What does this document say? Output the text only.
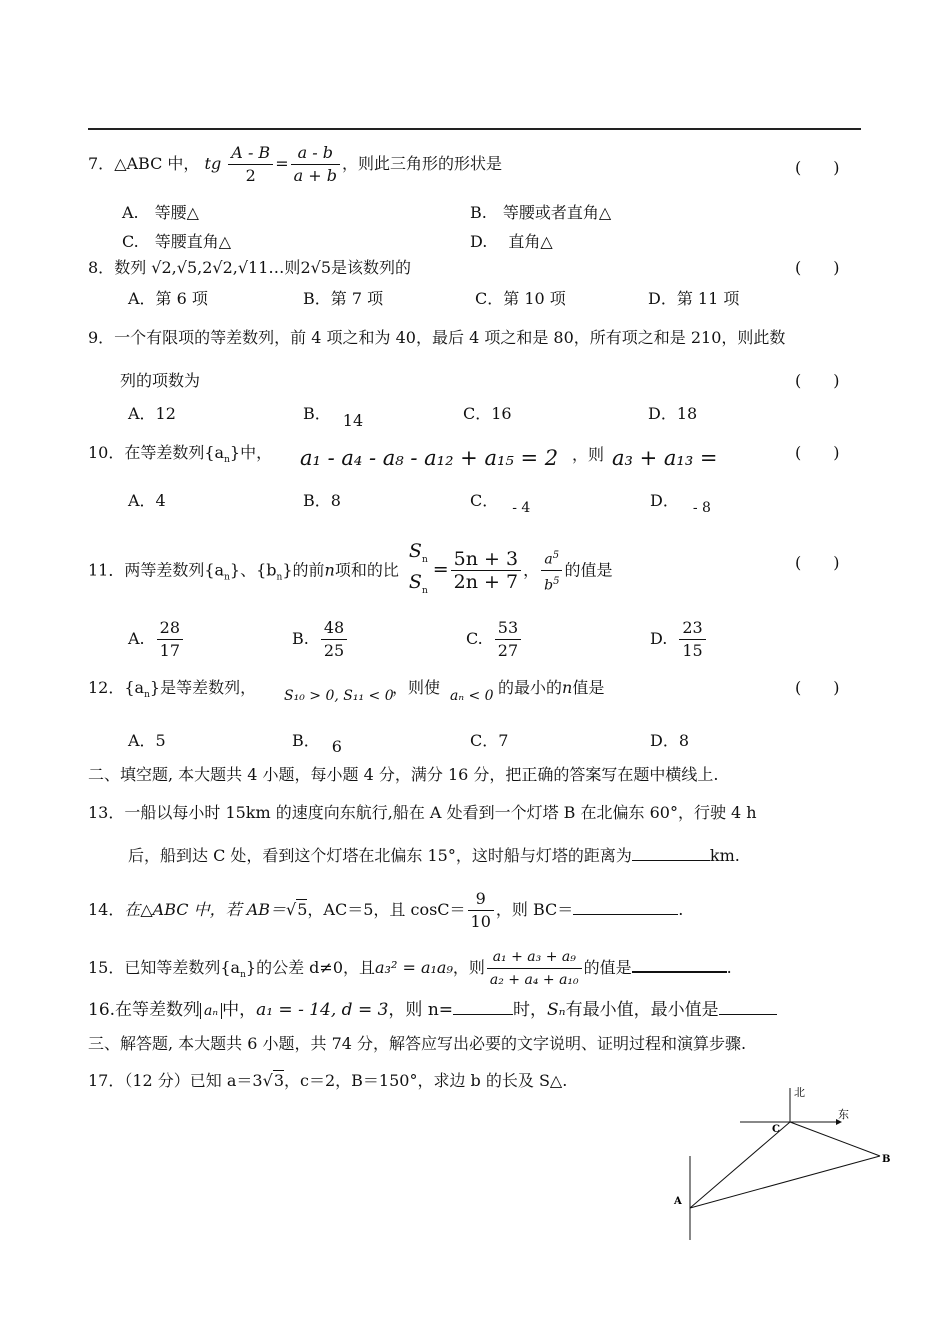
7．△ABC 中， tg $\frac{A - B}{2} = \frac{a - b}{a + b}$ ，则此三角形的形状是	(　　)
A.　等腰△	B.　等腰或者直角△
C.　等腰直角△	D.　 直角△
8．数列 √2,√5,2√2,√11…则2√5是该数列的	(　　)
A．第 6 项	B．第 7 项	C．第 10 项	D．第 11 项
9．一个有限项的等差数列，前 4 项之和为 40，最后 4 项之和是 80，所有项之和是 210，则此数
列的项数为	(　　)
A．12	B． 14	C．16	D．18
10．在等差数列$\{a_n\}$中， a₁ - a₄ - a₈ - a₁₂ + a₁₅ = 2 ，则 a₃ + a₁₃ =	(　　)
A．4	B．8	C． - 4	D． - 8
11．两等差数列$\{a_n\}$、$\{b_n\}$的前n项和的比
$S_n$
$S_n$
= $\frac{5n + 3}{2n + 7}$ ， $\frac{a^5}{b^5}$ 的值是	(　　)
A. $\frac{28}{17}$	B. $\frac{48}{25}$	C. $\frac{53}{27}$	D. $\frac{23}{15}$
12．$\{a_n\}$是等差数列， S₁₀ > 0, S₁₁ < 0
，则使 aₙ < 0 的最小的n值是	(　　)
A．5	B． 6	C．7	D．8
二、填空题, 本大题共 4 小题，每小题 4 分，满分 16 分，把正确的答案写在题中横线上.
13．一船以每小时 15km 的速度向东航行,船在 A 处看到一个灯塔 B 在北偏东 60°，行驶 4 h
后，船到达 C 处，看到这个灯塔在北偏东 15°，这时船与灯塔的距离为	km.
14．在△ABC 中，若 AB＝√5，AC＝5，且 $\cos C= \frac{9}{10}$ ，则 BC＝	.
15．已知等差数列$\{a_n\}$的公差 d≠0，且a₃² = a₁a₉，则 $\frac{\text{a₁ + a₃ + a₉}}{\text{a₂ + a₄ + a₁₀}}$ 的值是	.
16.在等差数列 aₙ 中，a₁ = - 14, d = 3，则 n=	时，Sₙ有最小值，最小值是
三、解答题, 本大题共 6 小题，共 74 分，解答应写出必要的文字说明、证明过程和演算步骤.
17．（12 分）已知 a＝3√3，c＝2，B＝150°，求边 b 的长及 S△.
北
东
C
B
A
